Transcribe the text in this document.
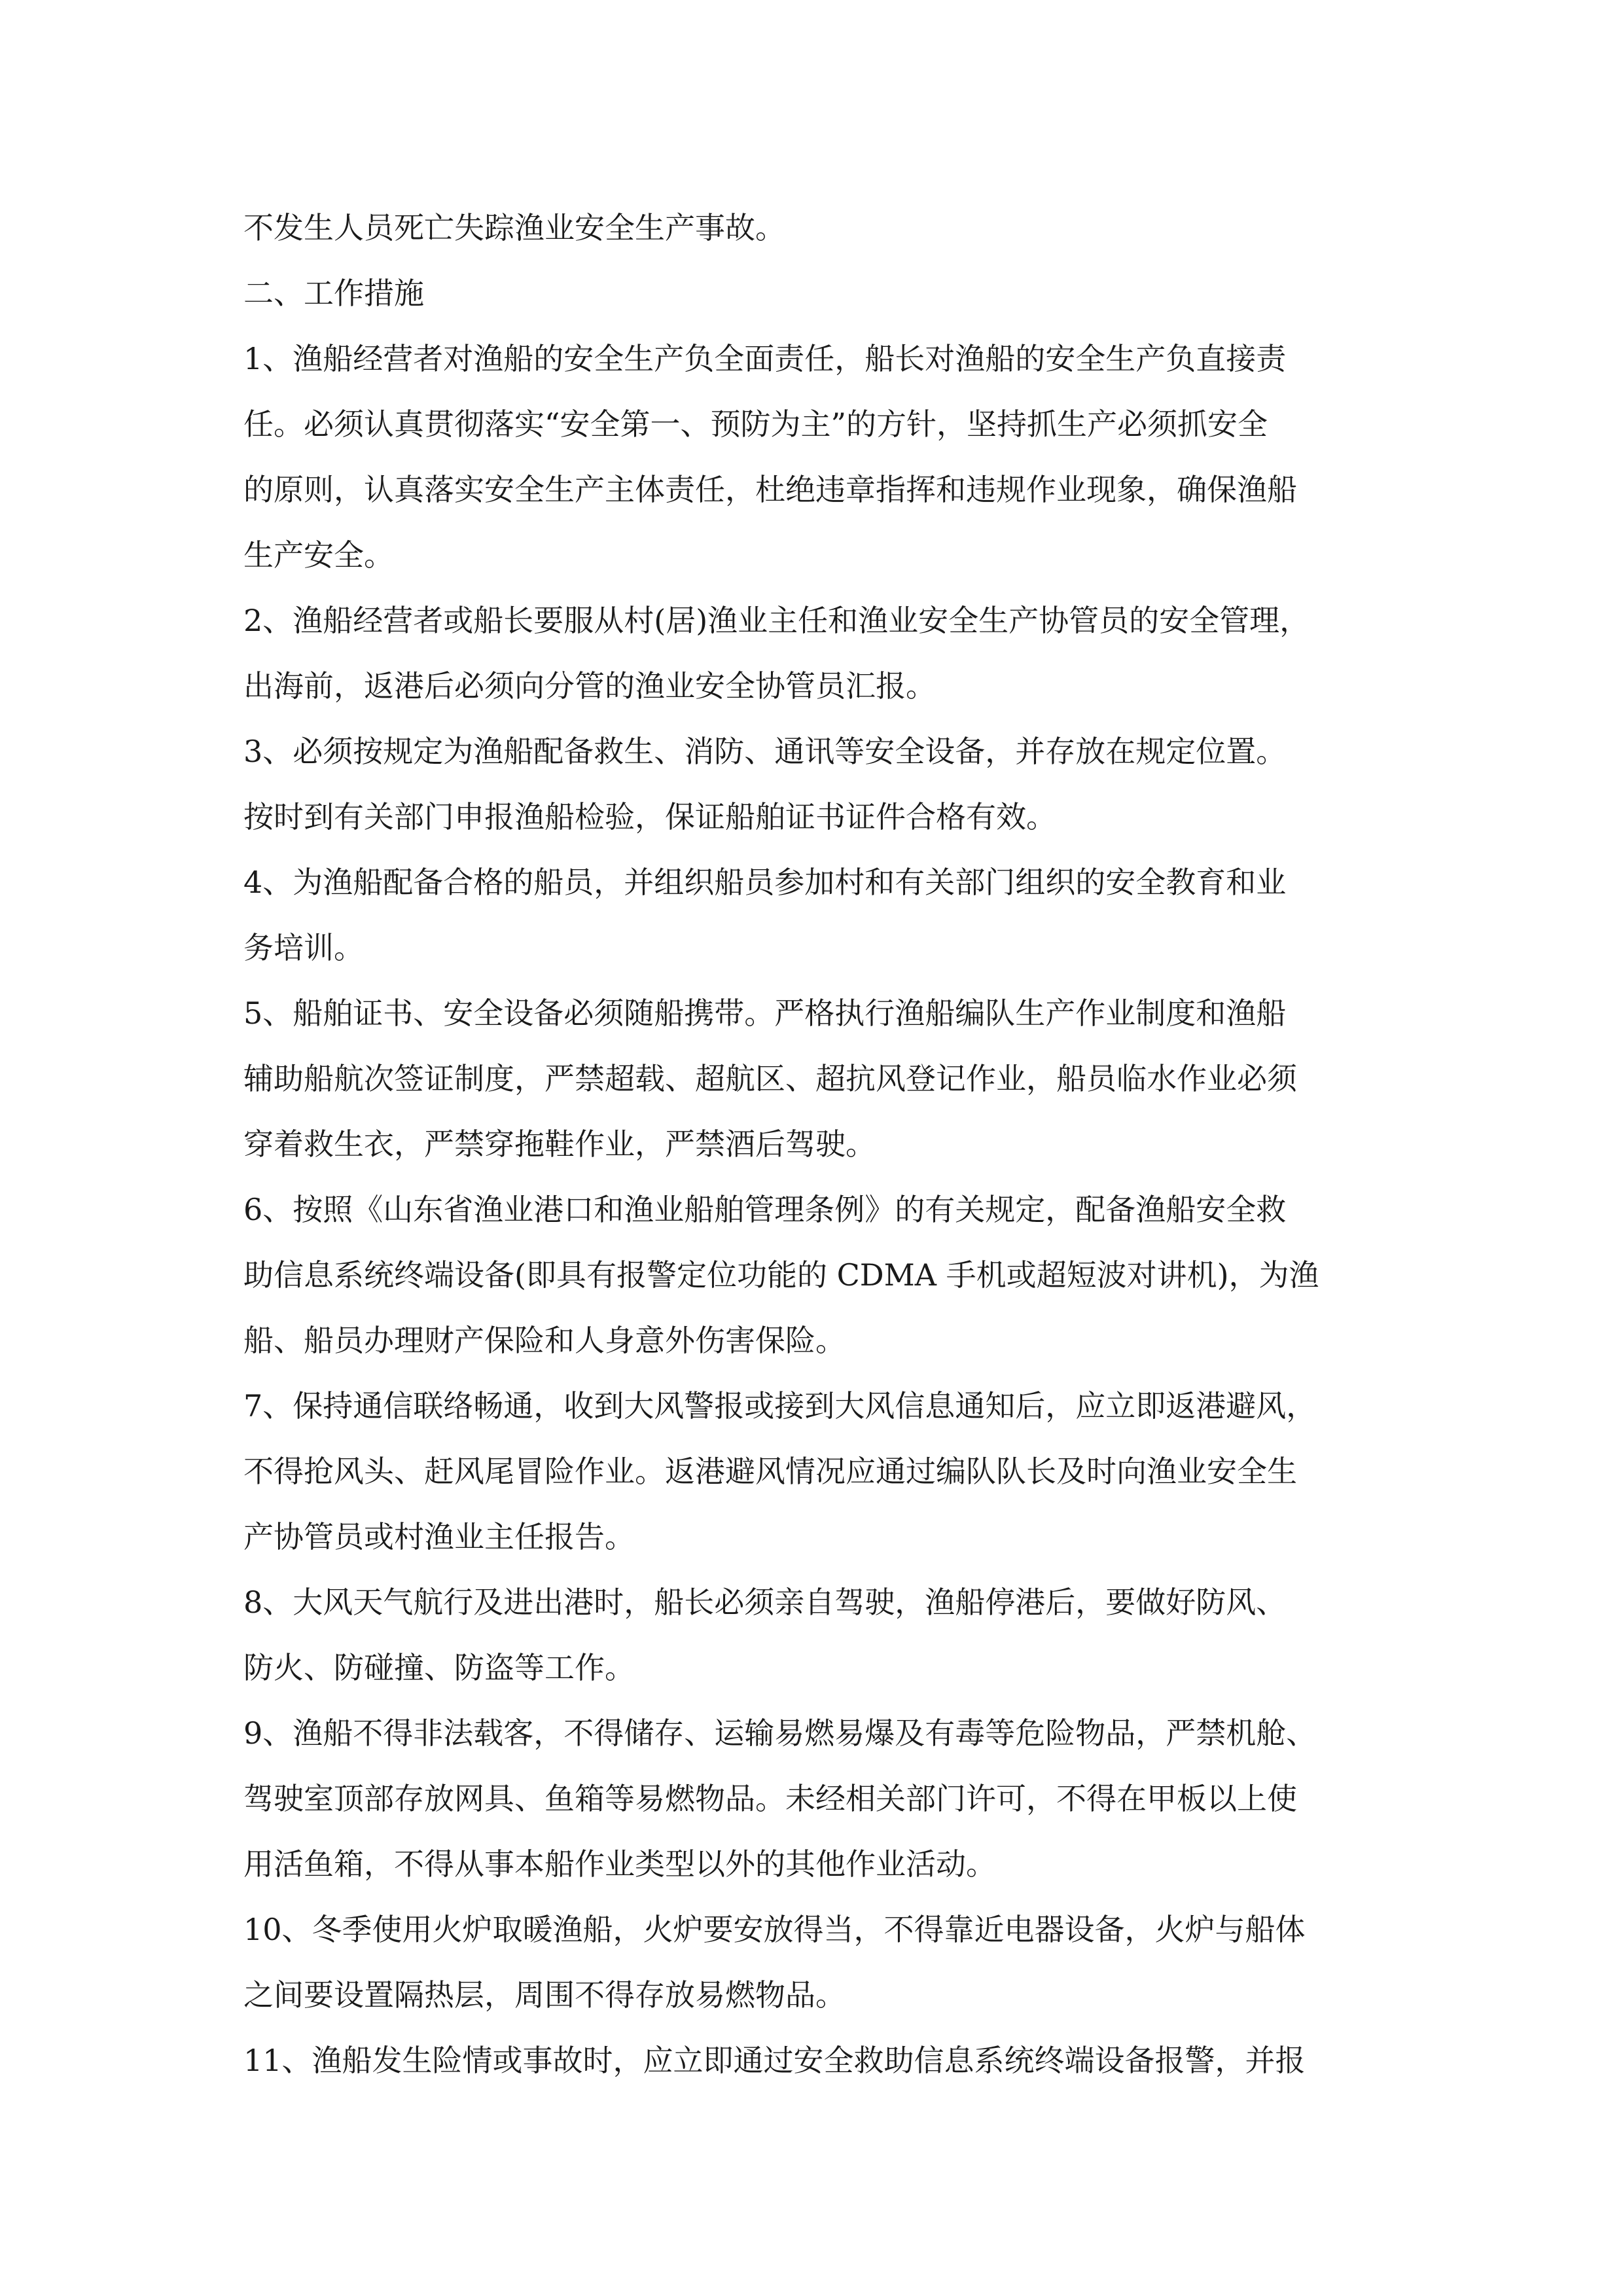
不发生人员死亡失踪渔业安全生产事故。
二、工作措施
1、渔船经营者对渔船的安全生产负全面责任，船长对渔船的安全生产负直接责
任。必须认真贯彻落实“安全第一、预防为主”的方针，坚持抓生产必须抓安全
的原则，认真落实安全生产主体责任，杜绝违章指挥和违规作业现象，确保渔船
生产安全。
2、渔船经营者或船长要服从村(居)渔业主任和渔业安全生产协管员的安全管理，
出海前，返港后必须向分管的渔业安全协管员汇报。
3、必须按规定为渔船配备救生、消防、通讯等安全设备，并存放在规定位置。
按时到有关部门申报渔船检验，保证船舶证书证件合格有效。
4、为渔船配备合格的船员，并组织船员参加村和有关部门组织的安全教育和业
务培训。
5、船舶证书、安全设备必须随船携带。严格执行渔船编队生产作业制度和渔船
辅助船航次签证制度，严禁超载、超航区、超抗风登记作业，船员临水作业必须
穿着救生衣，严禁穿拖鞋作业，严禁酒后驾驶。
6、按照《山东省渔业港口和渔业船舶管理条例》的有关规定，配备渔船安全救
助信息系统终端设备(即具有报警定位功能的 CDMA 手机或超短波对讲机)，为渔
船、船员办理财产保险和人身意外伤害保险。
7、保持通信联络畅通，收到大风警报或接到大风信息通知后，应立即返港避风，
不得抢风头、赶风尾冒险作业。返港避风情况应通过编队队长及时向渔业安全生
产协管员或村渔业主任报告。
8、大风天气航行及进出港时，船长必须亲自驾驶，渔船停港后，要做好防风、
防火、防碰撞、防盗等工作。
9、渔船不得非法载客，不得储存、运输易燃易爆及有毒等危险物品，严禁机舱、
驾驶室顶部存放网具、鱼箱等易燃物品。未经相关部门许可，不得在甲板以上使
用活鱼箱，不得从事本船作业类型以外的其他作业活动。
10、冬季使用火炉取暖渔船，火炉要安放得当，不得靠近电器设备，火炉与船体
之间要设置隔热层，周围不得存放易燃物品。
11、渔船发生险情或事故时，应立即通过安全救助信息系统终端设备报警，并报
